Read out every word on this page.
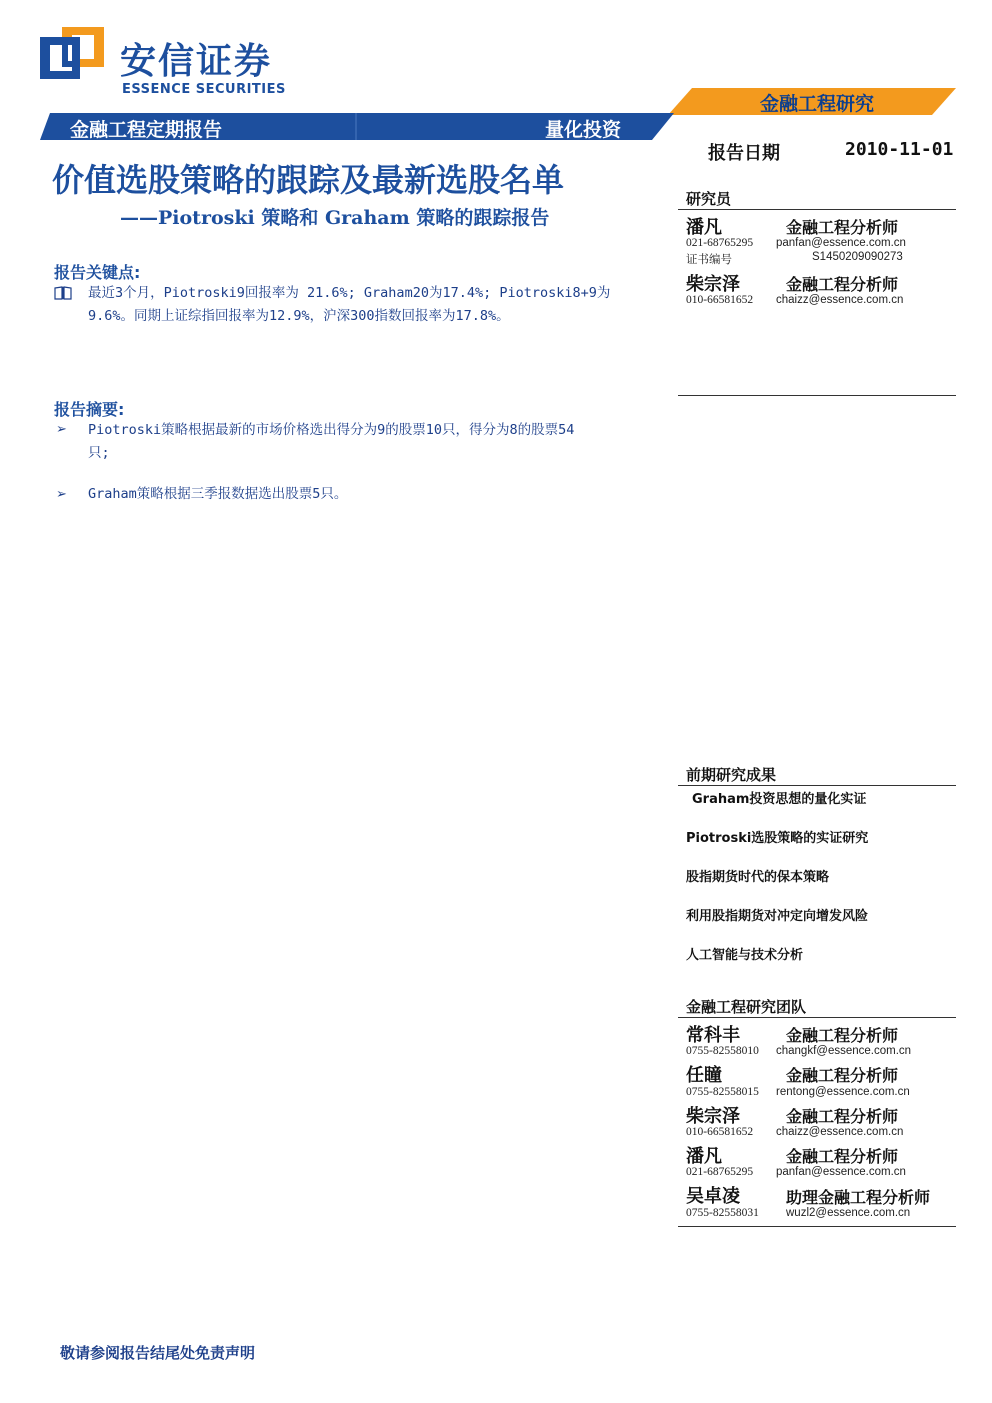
安信证券
ESSENCE SECURITIES
金融工程研究
金融工程定期报告	量化投资
报告日期	2010-11-01
价值选股策略的跟踪及最新选股名单
——Piotroski 策略和 Graham 策略的跟踪报告
报告关键点:
最近3个月，Piotroski9回报率为 21.6%; Graham20为17.4%; Piotroski8+9为
9.6%。同期上证综指回报率为12.9%，沪深300指数回报率为17.8%。
报告摘要:
➢ Piotroski策略根据最新的市场价格选出得分为9的股票10只，得分为8的股票54
只;
➢ Graham策略根据三季报数据选出股票5只。
研究员
潘凡	金融工程分析师
021-68765295 panfan@essence.com.cn
证书编号	S1450209090273
柴宗泽	金融工程分析师
010-66581652 chaizz@essence.com.cn
前期研究成果
Graham投资思想的量化实证
Piotroski选股策略的实证研究
股指期货时代的保本策略
利用股指期货对冲定向增发风险
人工智能与技术分析
金融工程研究团队
常科丰	金融工程分析师
0755-82558010 changkf@essence.com.cn
任瞳	金融工程分析师
0755-82558015 rentong@essence.com.cn
柴宗泽	金融工程分析师
010-66581652 chaizz@essence.com.cn
潘凡	金融工程分析师
021-68765295 panfan@essence.com.cn
吴卓凌	助理金融工程分析师
0755-82558031 wuzl2@essence.com.cn
敬请参阅报告结尾处免责声明
